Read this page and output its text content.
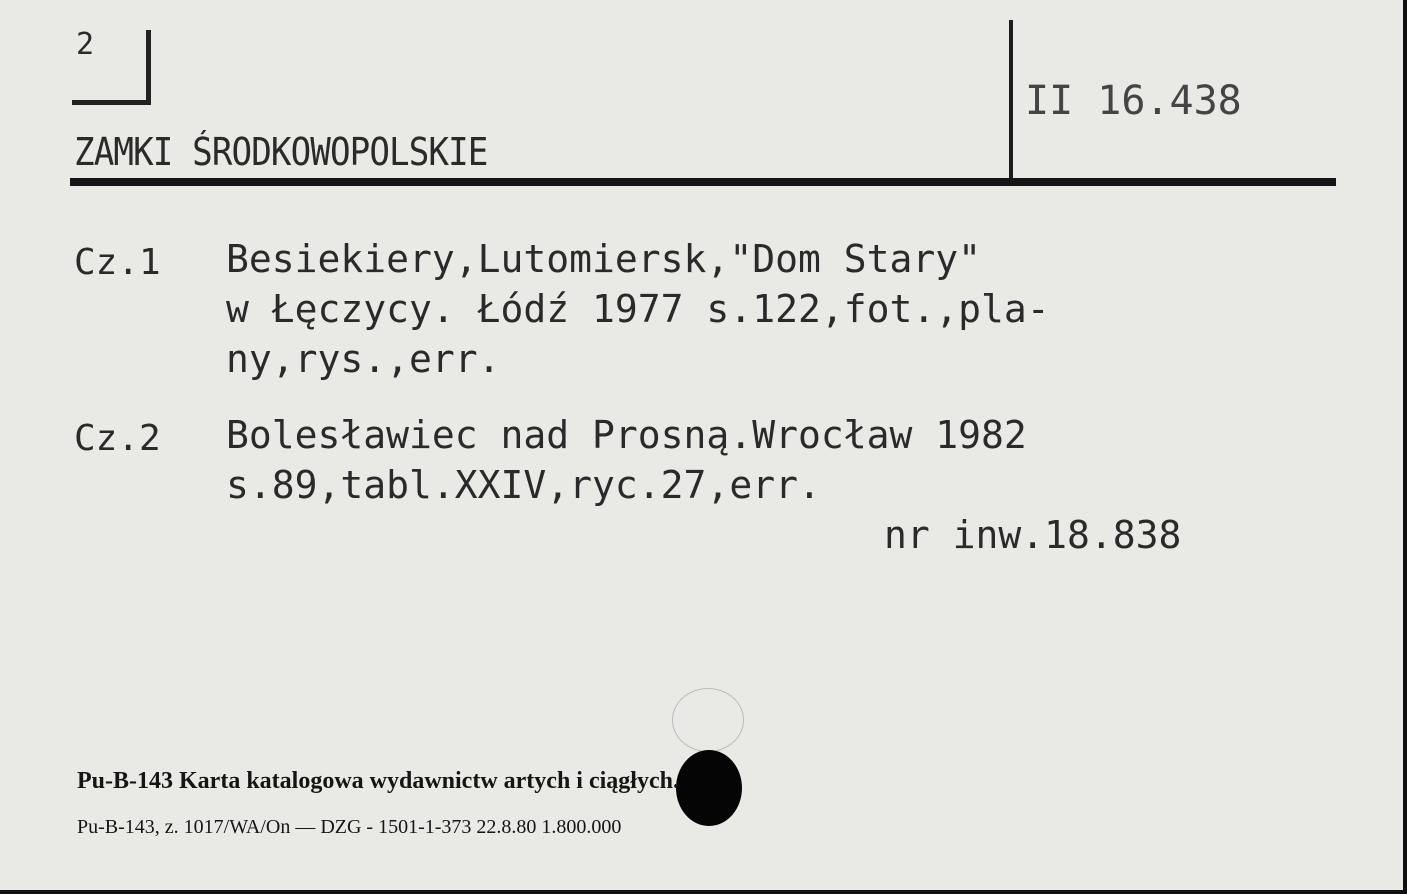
2
ZAMKI ŚRODKOWOPOLSKIE
II 16.438
Cz.1 Besiekiery,Lutomiersk,"Dom Stary"
w Łęczycy. Łódź 1977 s.122,fot.,pla-
ny,rys.,err.
Cz.2 Bolesławiec nad Prosną.Wrocław 1982
s.89,tabl.XXIV,ryc.27,err.
nr inw.18.838
Pu-B-143 Karta katalogowa wydawnictw artych i ciągłych.
Pu-B-143, z. 1017/WA/On — DZG - 1501-1-373 22.8.80 1.800.000
